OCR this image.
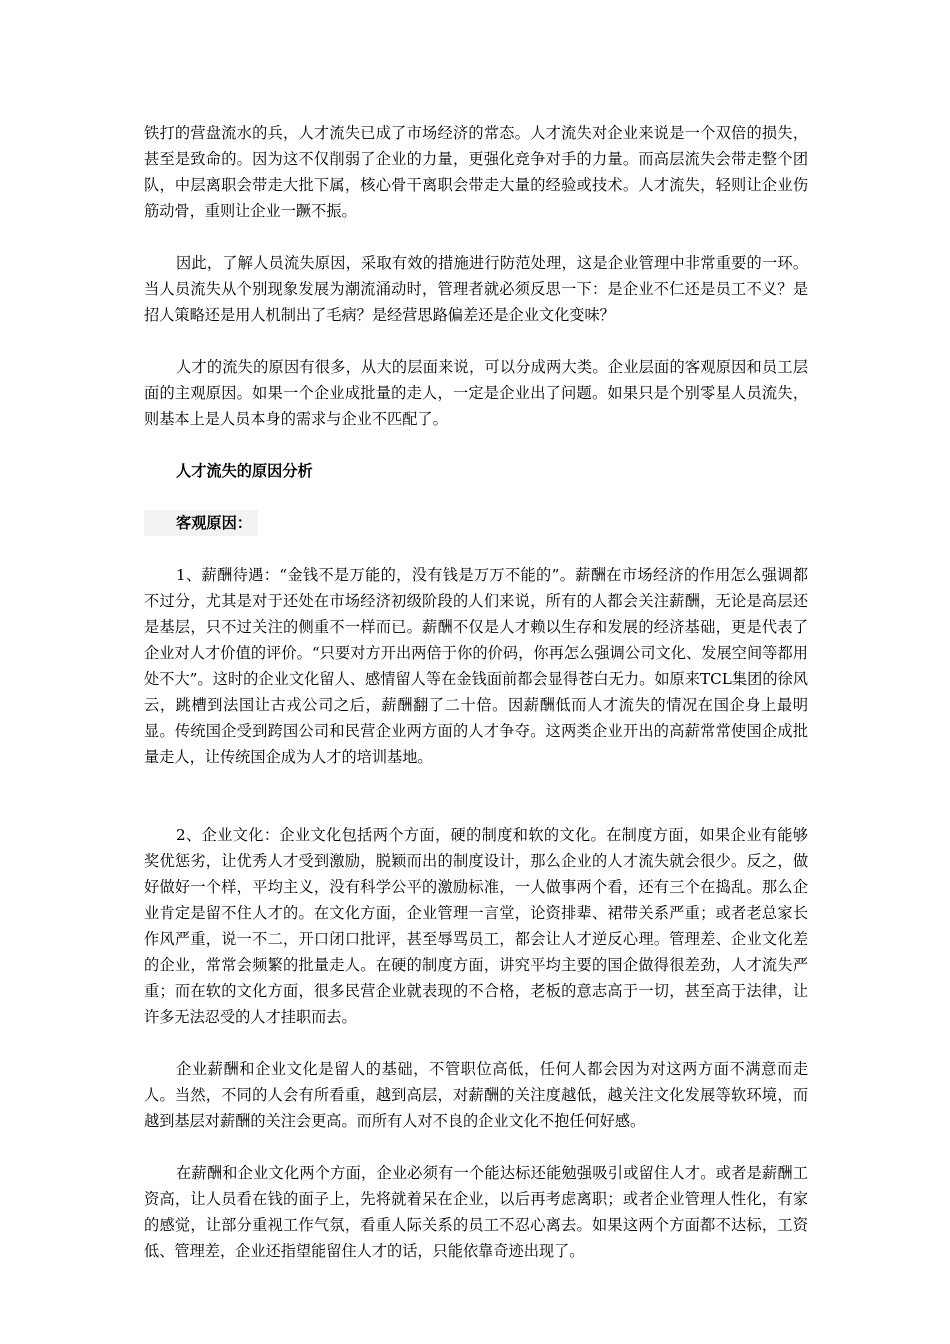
铁打的营盘流水的兵，人才流失已成了市场经济的常态。人才流失对企业来说是一个双倍的损失，甚至是致命的。因为这不仅削弱了企业的力量，更强化竞争对手的力量。而高层流失会带走整个团队，中层离职会带走大批下属，核心骨干离职会带走大量的经验或技术。人才流失，轻则让企业伤筋动骨，重则让企业一蹶不振。

因此，了解人员流失原因，采取有效的措施进行防范处理，这是企业管理中非常重要的一环。当人员流失从个别现象发展为潮流涌动时，管理者就必须反思一下：是企业不仁还是员工不义？是招人策略还是用人机制出了毛病？是经营思路偏差还是企业文化变味？

人才的流失的原因有很多，从大的层面来说，可以分成两大类。企业层面的客观原因和员工层面的主观原因。如果一个企业成批量的走人，一定是企业出了问题。如果只是个别零星人员流失，则基本上是人员本身的需求与企业不匹配了。

人才流失的原因分析

客观原因：

1、薪酬待遇：“金钱不是万能的，没有钱是万万不能的”。薪酬在市场经济的作用怎么强调都不过分，尤其是对于还处在市场经济初级阶段的人们来说，所有的人都会关注薪酬，无论是高层还是基层，只不过关注的侧重不一样而已。薪酬不仅是人才赖以生存和发展的经济基础，更是代表了企业对人才价值的评价。“只要对方开出两倍于你的价码，你再怎么强调公司文化、发展空间等都用处不大”。这时的企业文化留人、感情留人等在金钱面前都会显得苍白无力。如原来TCL集团的徐风云，跳槽到法国让古戎公司之后，薪酬翻了二十倍。因薪酬低而人才流失的情况在国企身上最明显。传统国企受到跨国公司和民营企业两方面的人才争夺。这两类企业开出的高薪常常使国企成批量走人，让传统国企成为人才的培训基地。

2、企业文化：企业文化包括两个方面，硬的制度和软的文化。在制度方面，如果企业有能够奖优惩劣，让优秀人才受到激励，脱颖而出的制度设计，那么企业的人才流失就会很少。反之，做好做好一个样，平均主义，没有科学公平的激励标准，一人做事两个看，还有三个在捣乱。那么企业肯定是留不住人才的。在文化方面，企业管理一言堂，论资排辈、裙带关系严重；或者老总家长作风严重，说一不二，开口闭口批评，甚至辱骂员工，都会让人才逆反心理。管理差、企业文化差的企业，常常会频繁的批量走人。在硬的制度方面，讲究平均主要的国企做得很差劲，人才流失严重；而在软的文化方面，很多民营企业就表现的不合格，老板的意志高于一切，甚至高于法律，让许多无法忍受的人才挂职而去。

企业薪酬和企业文化是留人的基础，不管职位高低，任何人都会因为对这两方面不满意而走人。当然，不同的人会有所看重，越到高层，对薪酬的关注度越低，越关注文化发展等软环境，而越到基层对薪酬的关注会更高。而所有人对不良的企业文化不抱任何好感。

在薪酬和企业文化两个方面，企业必须有一个能达标还能勉强吸引或留住人才。或者是薪酬工资高，让人员看在钱的面子上，先将就着呆在企业，以后再考虑离职；或者企业管理人性化，有家的感觉，让部分重视工作气氛，看重人际关系的员工不忍心离去。如果这两个方面都不达标，工资低、管理差，企业还指望能留住人才的话，只能依靠奇迹出现了。
